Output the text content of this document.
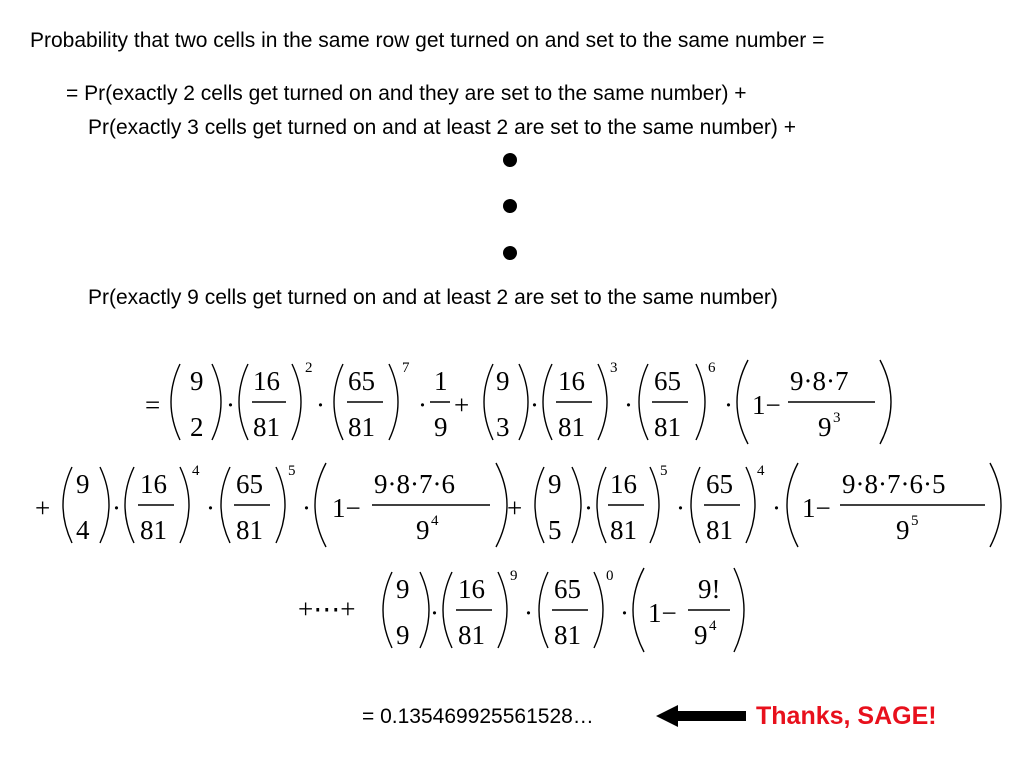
Probability that two cells in the same row get turned on and set to the same number =
= Pr(exactly 2 cells get turned on and they are set to the same number) +
Pr(exactly 3 cells get turned on and at least 2 are set to the same number) +
Pr(exactly 9 cells get turned on and at least 2 are set to the same number)
=
9
2
·
16
81
2
·
65
81
7
·
1
9
+
9
3
·
16
81
3
·
65
81
6
· 1−
9·8·7
9 3
+
9
4
·
16
81
4
·
65
81
5
· 1−
9·8·7·6
9 4	+
9
5
·
16
81
5
·
65
81
4
· 1−
9·8·7·6·5
9 5
+⋯+
9
9
·
16
81
9
·
65
81
0
· 1−
9!
9 4
= 0.135469925561528…	Thanks, SAGE!
